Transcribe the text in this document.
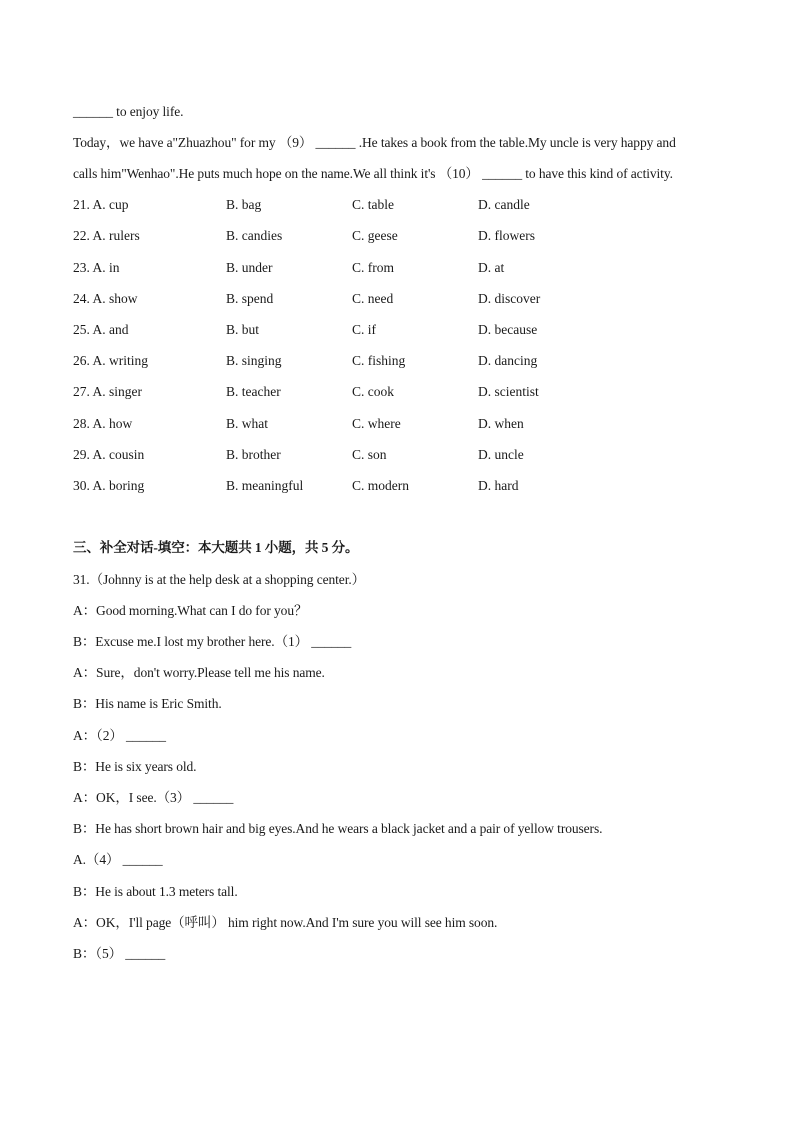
______ to enjoy life.
Today，we have a"Zhuazhou" for my （9） ______ .He takes a book from the table.My uncle is very happy and
calls him"Wenhao".He puts much hope on the name.We all think it's （10） ______ to have this kind of activity.
21. A. cup	B. bag	C. table	D. candle
22. A. rulers	B. candies	C. geese	D. flowers
23. A. in	B. under	C. from	D. at
24. A. show	B. spend	C. need	D. discover
25. A. and	B. but	C. if	D. because
26. A. writing	B. singing	C. fishing	D. dancing
27. A. singer	B. teacher	C. cook	D. scientist
28. A. how	B. what	C. where	D. when
29. A. cousin	B. brother	C. son	D. uncle
30. A. boring	B. meaningful	C. modern	D. hard
三、补全对话-填空：本大题共 1 小题，共 5 分。
31.（Johnny is at the help desk at a shopping center.）
A：Good morning.What can I do for you？
B：Excuse me.I lost my brother here.（1） ______
A：Sure，don't worry.Please tell me his name.
B：His name is Eric Smith.
A：（2） ______
B：He is six years old.
A：OK，I see.（3） ______
B：He has short brown hair and big eyes.And he wears a black jacket and a pair of yellow trousers.
A.（4） ______
B：He is about 1.3 meters tall.
A：OK，I'll page（呼叫） him right now.And I'm sure you will see him soon.
B：（5） ______
